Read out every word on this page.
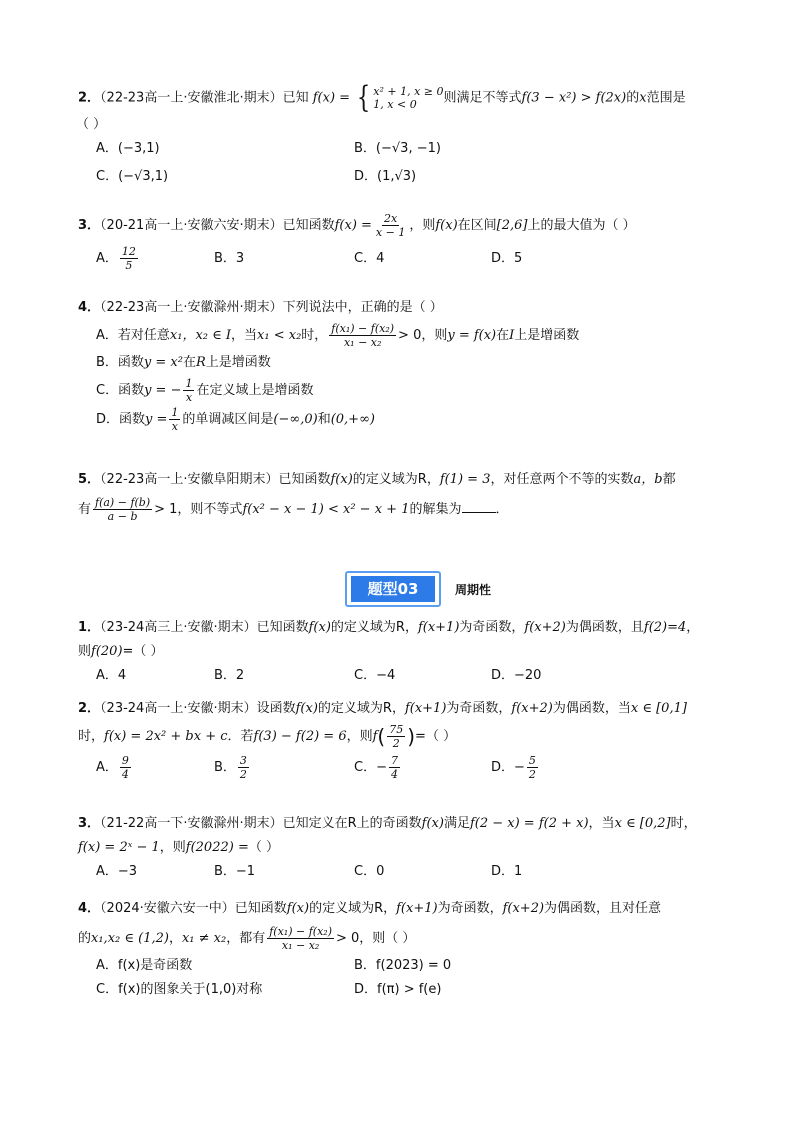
2．（22-23高一上·安徽淮北·期末）已知 f(x) = { x² + 1, x ≥ 0
1, x < 0	则满足不等式f(3 − x²) > f(2x)的x范围是
（ ）
A．(−3,1)	B．(−√3, −1)
C．(−√3,1)	D．(1,√3)
3．（20-21高一上·安徽六安·期末）已知函数$f(x) = \frac{2x}{x - 1}$ ，则f(x)在区间[2,6]上的最大值为（ ）
A． $\frac{12}{5}$	B．3	C．4	D．5
4．（22-23高一上·安徽滁州·期末）下列说法中，正确的是（ ）
A．若对任意x₁，x₂ ∈ I，当x₁ < x₂时， $\frac{\text{f(x₁) − f(x₂)}}{\text{x₁ − x₂}} > 0$，则y = f(x)在I上是增函数
B．函数y = x²在R上是增函数
C．函数y = − $\frac{1}{x}$ 在定义域上是增函数
D．函数$y = \frac{1}{x}$ 的单调减区间是(−∞,0)和(0,+∞)
5．（22-23高一上·安徽阜阳期末）已知函数f(x)的定义域为R，f(1) = 3，对任意两个不等的实数a，b都
有 $\frac{f(a) - f(b)}{a - b} > 1$，则不等式f(x² − x − 1) < x² − x + 1的解集为	．
题型03	周期性
1．（23-24高三上·安徽·期末）已知函数f(x)的定义域为R，f(x+1)为奇函数，f(x+2)为偶函数，且f(2)=4，
则f(20)=（ ）
A．4	B．2	C．−4	D．−20
2．（23-24高一上·安徽·期末）设函数f(x)的定义域为R，f(x+1)为奇函数，f(x+2)为偶函数，当x ∈ [0,1]
时，f(x) = 2x² + bx + c．若f(3) − f(2) = 6，则$f( \frac{75}{2}$ )=（ ）
A． $\frac{9}{4}$	B． $\frac{3}{2}$	C．− $\frac{7}{4}$	D．− $\frac{5}{2}$
3．（21-22高一下·安徽滁州·期末）已知定义在R上的奇函数f(x)满足f(2 − x) = f(2 + x)，当x ∈ [0,2]时，
f(x) = 2ˣ − 1，则f(2022) =（ ）
A．−3	B．−1	C．0	D．1
4．（2024·安徽六安一中）已知函数f(x)的定义域为R，f(x+1)为奇函数，f(x+2)为偶函数，且对任意
的x₁,x₂ ∈ (1,2)，x₁ ≠ x₂，都有 $\frac{\text{f(x₁) − f(x₂)}}{\text{x₁ − x₂}} > 0$，则（ ）
A．f(x)是奇函数	B．f(2023) = 0
C．f(x)的图象关于(1,0)对称	D．f(π) > f(e)
